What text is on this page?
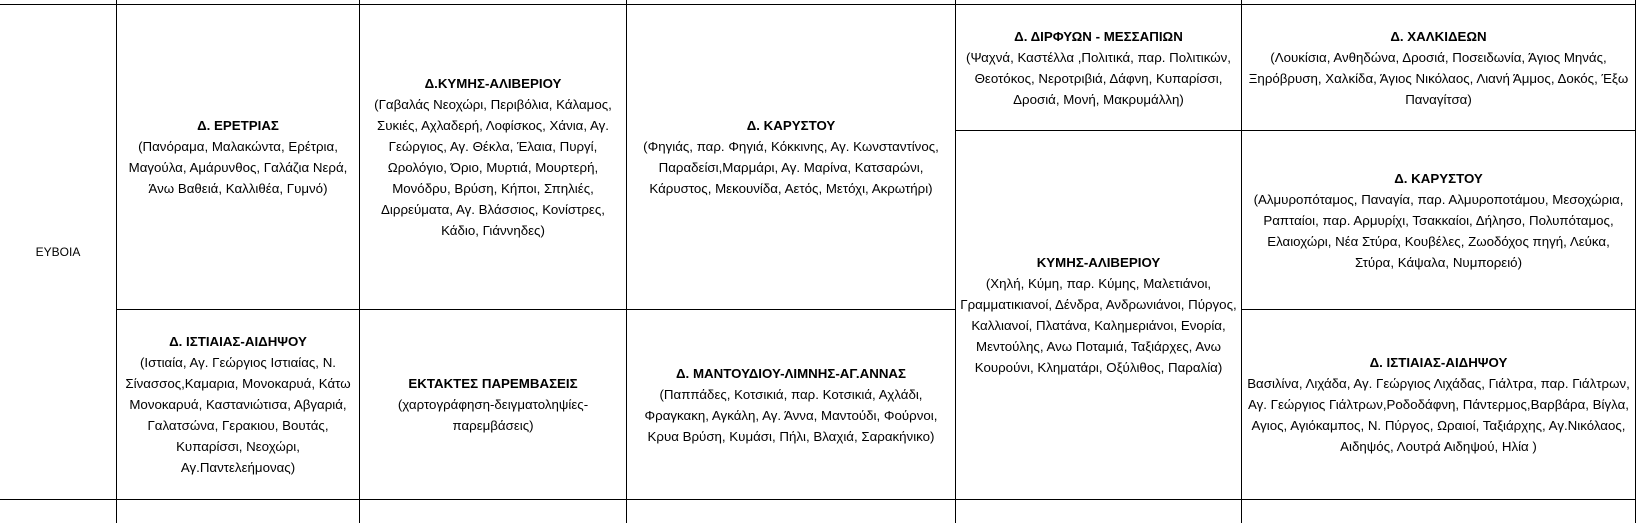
ΕΥΒΟΙΑ
Δ. ΕΡΕΤΡΙΑΣ
(Πανόραμα, Μαλακώντα, Ερέτρια, Μαγούλα, Αμάρυνθος, Γαλάζια Νερά, Άνω Βαθειά, Καλλιθέα, Γυμνό)
Δ.ΚΥΜΗΣ-ΑΛΙΒΕΡΙΟΥ
(Γαβαλάς Νεοχώρι, Περιβόλια, Κάλαμος, Συκιές, Αχλαδερή, Λοφίσκος, Χάνια, Αγ. Γεώργιος, Αγ. Θέκλα, Έλαια, Πυργί, Ωρολόγιο, Όριο, Μυρτιά, Μουρτερή, Μονόδρυ, Βρύση, Κήποι, Σπηλιές, Διρρεύματα, Αγ. Βλάσσιος, Κονίστρες, Κάδιο, Γιάννηδες)
Δ. ΚΑΡΥΣΤΟΥ
(Φηγιάς, παρ. Φηγιά, Κόκκινης, Αγ. Κωνσταντίνος, Παραδείσι,Μαρμάρι, Αγ. Μαρίνα, Κατσαρώνι, Κάρυστος, Μεκουνίδα, Αετός, Μετόχι, Ακρωτήρι)
Δ. ΔΙΡΦΥΩΝ - ΜΕΣΣΑΠΙΩΝ
(Ψαχνά, Καστέλλα ,Πολιτικά, παρ. Πολιτικών, Θεοτόκος, Νεροτριβιά, Δάφνη, Κυπαρίσσι, Δροσιά, Μονή, Μακρυμάλλη)
Δ. ΧΑΛΚΙΔΕΩΝ
(Λουκίσια, Ανθηδώνα, Δροσιά, Ποσειδωνία, Άγιος Μηνάς, Ξηρόβρυση, Χαλκίδα, Άγιος Νικόλαος, Λιανή Άμμος, Δοκός, Έξω Παναγίτσα)
Δ. ΚΑΡΥΣΤΟΥ
(Αλμυροπόταμος, Παναγία, παρ. Αλμυροποτάμου, Μεσοχώρια, Ραπταίοι, παρ. Αρμυρίχι, Τσακκαίοι, Δήλησο, Πολυπόταμος, Ελαιοχώρι, Νέα Στύρα, Κουβέλες, Ζωοδόχος πηγή, Λεύκα, Στύρα, Κάψαλα, Νυμπορειό)
ΚΥΜΗΣ-ΑΛΙΒΕΡΙΟΥ
(Χηλή, Κύμη, παρ. Κύμης, Μαλετιάνοι, Γραμματικιανοί, Δένδρα, Ανδρωνιάνοι, Πύργος, Καλλιανοί, Πλατάνα, Καλημεριάνοι, Ενορία, Μεντούλης, Ανω Ποταμιά, Ταξιάρχες, Ανω Κουρούνι, Κληματάρι, Οξύλιθος, Παραλία)
Δ. ΙΣΤΙΑΙΑΣ-ΑΙΔΗΨΟΥ
(Ιστιαία, Αγ. Γεώργιος Ιστιαίας, Ν. Σίνασσος,Καμαρια, Μονοκαρυά, Κάτω Μονοκαρυά, Καστανιώτισα, Αβγαριά, Γαλατσώνα, Γερακιου, Βουτάς, Κυπαρίσσι, Νεοχώρι, Αγ.Παντελεήμονας)
ΕΚΤΑΚΤΕΣ ΠΑΡΕΜΒΑΣΕΙΣ
(χαρτογράφηση-δειγματοληψίες-παρεμβάσεις)
Δ. ΜΑΝΤΟΥΔΙΟΥ-ΛΙΜΝΗΣ-ΑΓ.ΑΝΝΑΣ
(Παππάδες, Κοτσικιά, παρ. Κοτσικιά, Αχλάδι, Φραγκακη, Αγκάλη, Αγ. Άννα, Μαντούδι, Φούρνοι, Κρυα Βρύση, Κυμάσι, Πήλι, Βλαχιά, Σαρακήνικο)
Δ. ΙΣΤΙΑΙΑΣ-ΑΙΔΗΨΟΥ
Βασιλίνα, Λιχάδα, Αγ. Γεώργιος Λιχάδας, Γιάλτρα, παρ. Γιάλτρων, Αγ. Γεώργιος Γιάλτρων,Ροδοδάφνη, Πάντερμος,Βαρβάρα, Βίγλα, Αγιος, Αγιόκαμπος, Ν. Πύργος, Ωραιοί, Ταξιάρχης, Αγ.Νικόλαος, Αιδηψός, Λουτρά Αιδηψού, Ηλία )
